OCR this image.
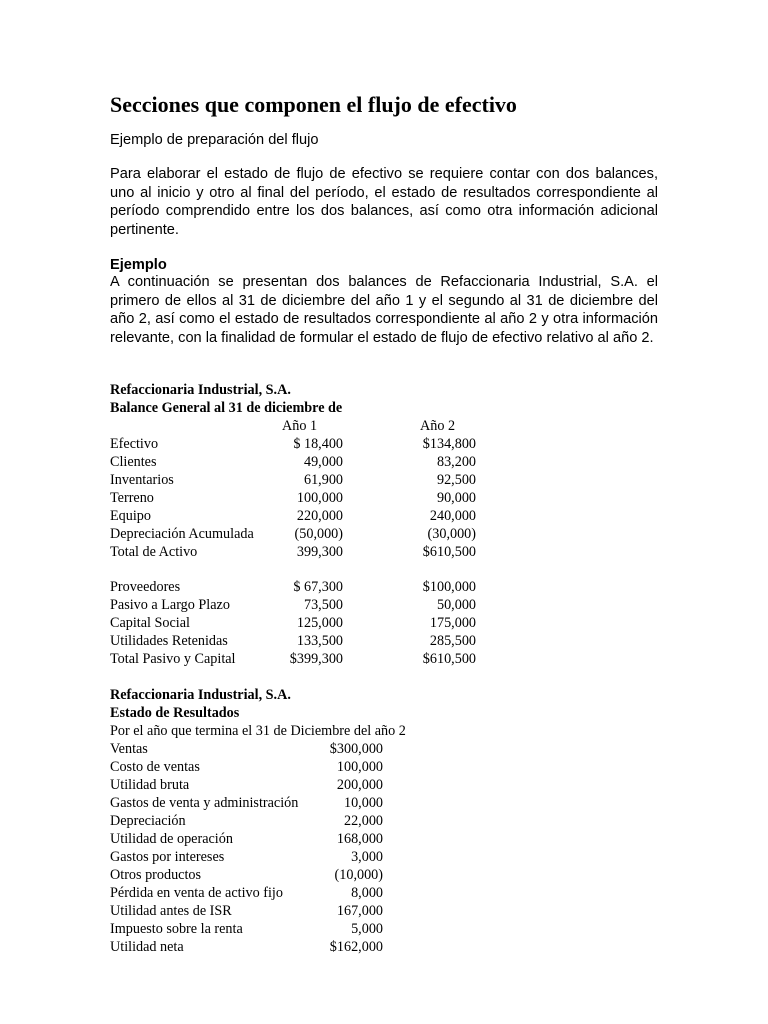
Secciones que componen el flujo de efectivo

Ejemplo de preparación del flujo

Para elaborar el estado de flujo de efectivo se requiere contar con dos balances, uno al inicio y otro al final del período, el estado de resultados correspondiente al período comprendido entre los dos balances, así como otra información adicional pertinente.

Ejemplo

A continuación se presentan dos balances de Refaccionaria Industrial, S.A. el primero de ellos al 31 de diciembre del año 1 y el segundo al 31 de diciembre del año 2, así como el estado de resultados correspondiente al año 2 y otra información relevante, con la finalidad de formular el estado de flujo de efectivo relativo al año 2.

Refaccionaria Industrial, S.A.

Balance General al 31 de diciembre de

Año 1	Año 2
Efectivo	$ 18,400	$134,800
Clientes	49,000	83,200
Inventarios	61,900	92,500
Terreno	100,000	90,000
Equipo	220,000	240,000
Depreciación Acumulada	(50,000)	(30,000)
Total de Activo	399,300	$610,500
Proveedores	$ 67,300	$100,000
Pasivo a Largo Plazo	73,500	50,000
Capital Social	125,000	175,000
Utilidades Retenidas	133,500	285,500
Total Pasivo y Capital	$399,300	$610,500

Refaccionaria Industrial, S.A.

Estado de Resultados

Por el año que termina el 31 de Diciembre del año 2
Ventas	$300,000
Costo de ventas	100,000
Utilidad bruta	200,000
Gastos de venta y administración	10,000
Depreciación	22,000
Utilidad de operación	168,000
Gastos por intereses	3,000
Otros productos	(10,000)
Pérdida en venta de activo fijo	8,000
Utilidad antes de ISR	167,000
Impuesto sobre la renta	5,000
Utilidad neta	$162,000
